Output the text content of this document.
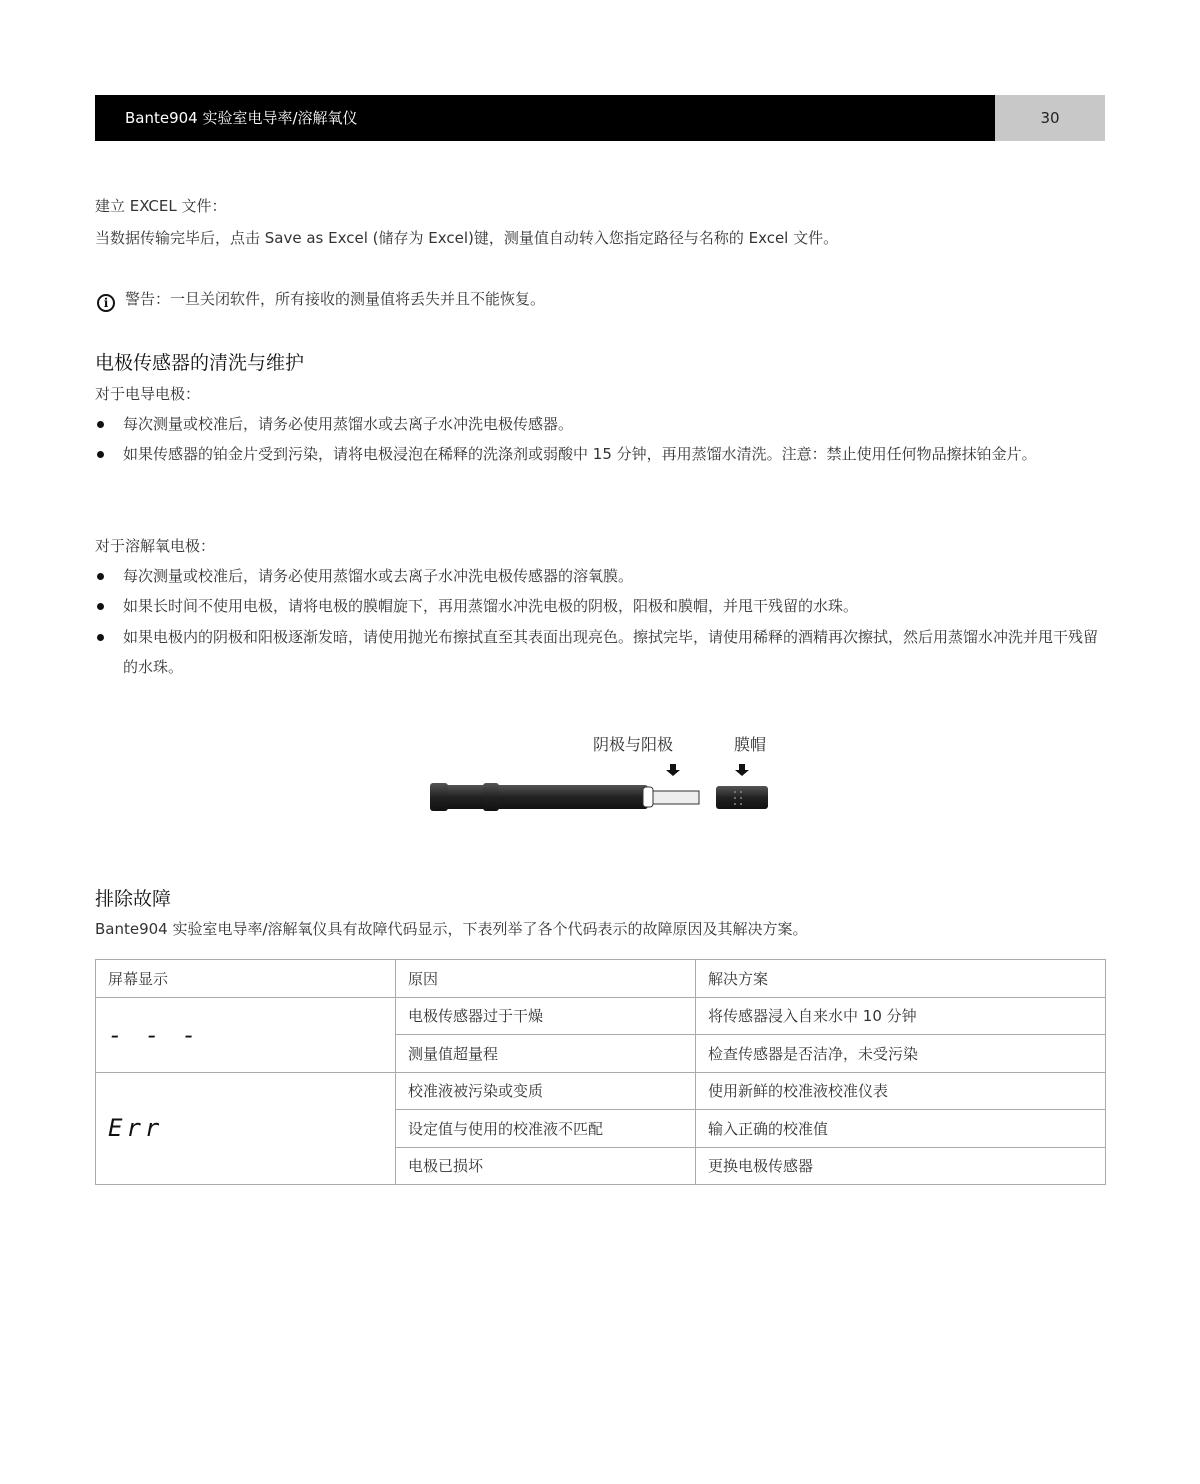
Bante904 实验室电导率/溶解氧仪	30
建立 EXCEL 文件：
当数据传输完毕后，点击 Save as Excel (储存为 Excel)键，测量值自动转入您指定路径与名称的 Excel 文件。
i 警告：一旦关闭软件，所有接收的测量值将丢失并且不能恢复。
电极传感器的清洗与维护
对于电导电极：
每次测量或校准后，请务必使用蒸馏水或去离子水冲洗电极传感器。
如果传感器的铂金片受到污染，请将电极浸泡在稀释的洗涤剂或弱酸中 15 分钟，再用蒸馏水清洗。注意：禁止使用任何物品擦抹铂金片。
对于溶解氧电极：
每次测量或校准后，请务必使用蒸馏水或去离子水冲洗电极传感器的溶氧膜。
如果长时间不使用电极，请将电极的膜帽旋下，再用蒸馏水冲洗电极的阴极，阳极和膜帽，并甩干残留的水珠。
如果电极内的阴极和阳极逐渐发暗，请使用抛光布擦拭直至其表面出现亮色。擦拭完毕，请使用稀释的酒精再次擦拭，然后用蒸馏水冲洗并甩干残留的水珠。
阴极与阳极	膜帽
排除故障
Bante904 实验室电导率/溶解氧仪具有故障代码显示，下表列举了各个代码表示的故障原因及其解决方案。
屏幕显示	原因	解决方案
- - -	电极传感器过于干燥	将传感器浸入自来水中 10 分钟
	测量值超量程	检查传感器是否洁净，未受污染
Err	校准液被污染或变质	使用新鲜的校准液校准仪表
	设定值与使用的校准液不匹配	输入正确的校准值
	电极已损坏	更换电极传感器
